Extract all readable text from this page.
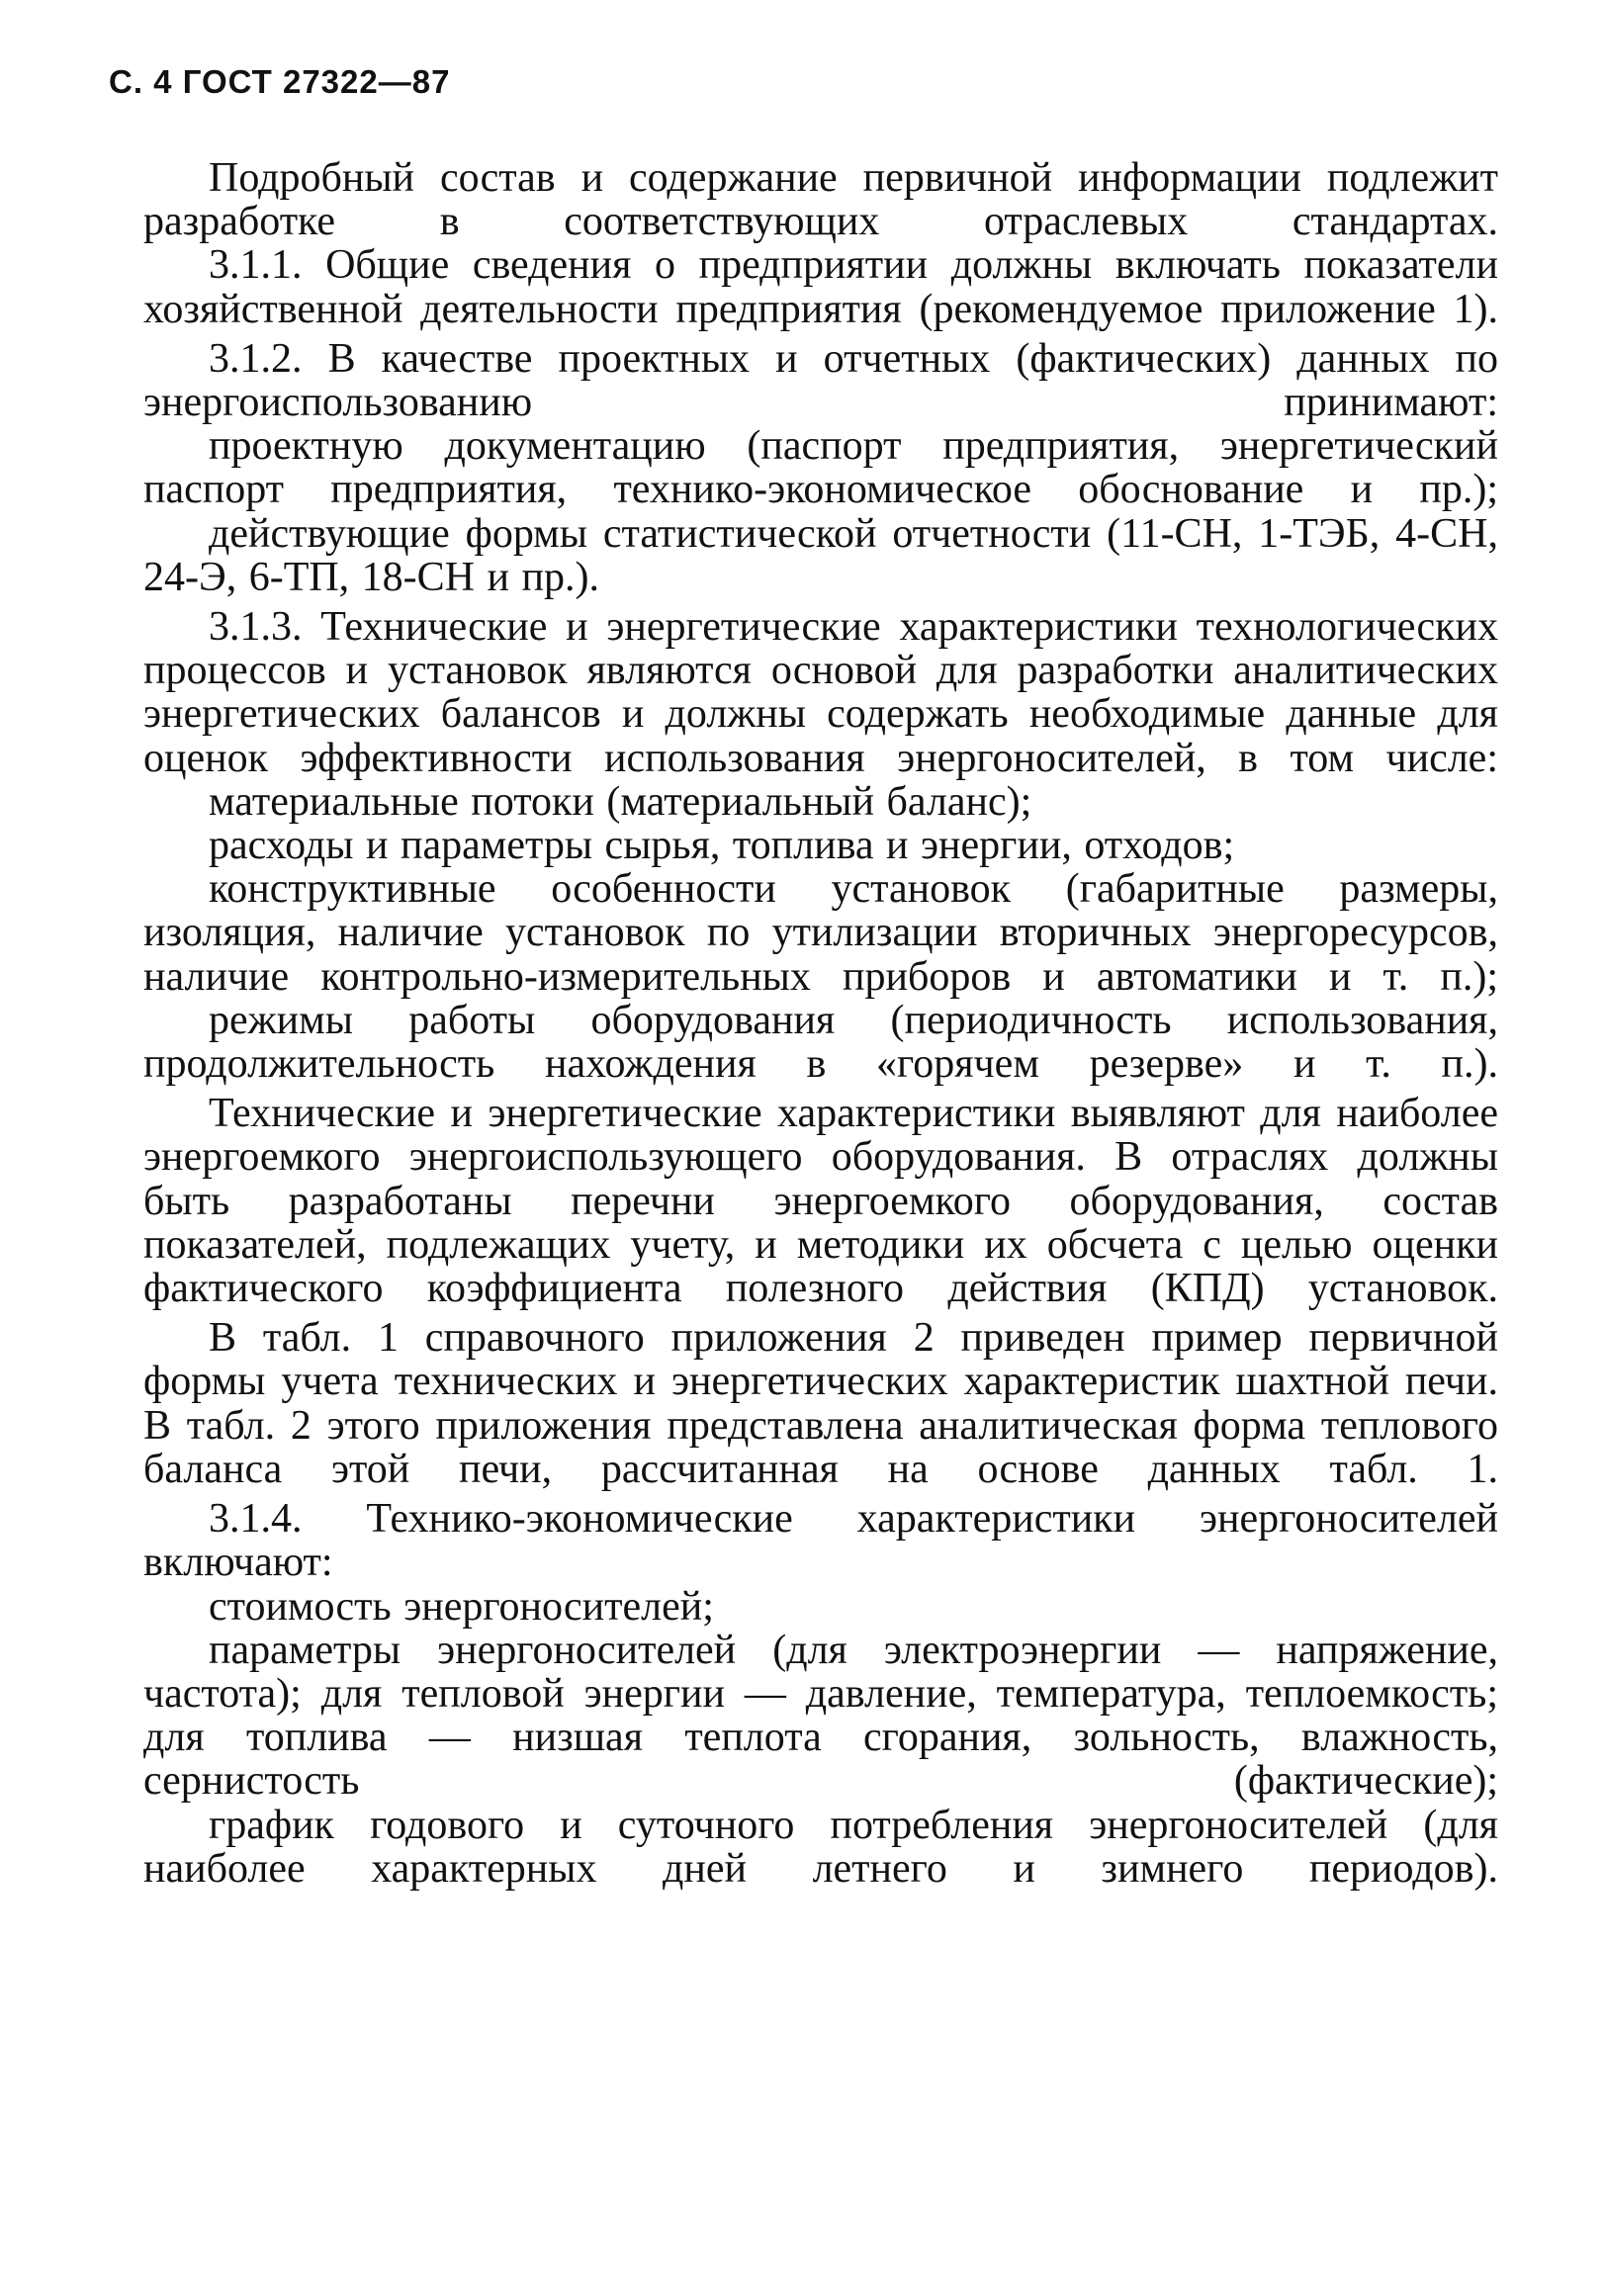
С. 4 ГОСТ 27322—87

Подробный состав и содержание первичной информации подлежит разработке в соответствующих отраслевых стандартах.

3.1.1. Общие сведения о предприятии должны включать показатели хозяйственной деятельности предприятия (рекомендуемое приложение 1).

3.1.2. В качестве проектных и отчетных (фактических) данных по энергоиспользованию принимают:

проектную документацию (паспорт предприятия, энергетический паспорт предприятия, технико-экономическое обоснование и пр.);

действующие формы статистической отчетности (11-СН, 1-ТЭБ, 4-СН, 24-Э, 6-ТП, 18-СН и пр.).

3.1.3. Технические и энергетические характеристики технологических процессов и установок являются основой для разработки аналитических энергетических балансов и должны содержать необходимые данные для оценок эффективности использования энергоносителей, в том числе:

материальные потоки (материальный баланс);

расходы и параметры сырья, топлива и энергии, отходов;

конструктивные особенности установок (габаритные размеры, изоляция, наличие установок по утилизации вторичных энергоресурсов, наличие контрольно-измерительных приборов и автоматики и т. п.);

режимы работы оборудования (периодичность использования, продолжительность нахождения в «горячем резерве» и т. п.).

Технические и энергетические характеристики выявляют для наиболее энергоемкого энергоиспользующего оборудования. В отраслях должны быть разработаны перечни энергоемкого оборудования, состав показателей, подлежащих учету, и методики их обсчета с целью оценки фактического коэффициента полезного действия (КПД) установок.

В табл. 1 справочного приложения 2 приведен пример первичной формы учета технических и энергетических характеристик шахтной печи. В табл. 2 этого приложения представлена аналитическая форма теплового баланса этой печи, рассчитанная на основе данных табл. 1.

3.1.4. Технико-экономические характеристики энергоносителей включают:

стоимость энергоносителей;

параметры энергоносителей (для электроэнергии — напряжение, частота); для тепловой энергии — давление, температура, теплоемкость; для топлива — низшая теплота сгорания, зольность, влажность, сернистость (фактические);

график годового и суточного потребления энергоносителей (для наиболее характерных дней летнего и зимнего периодов).
